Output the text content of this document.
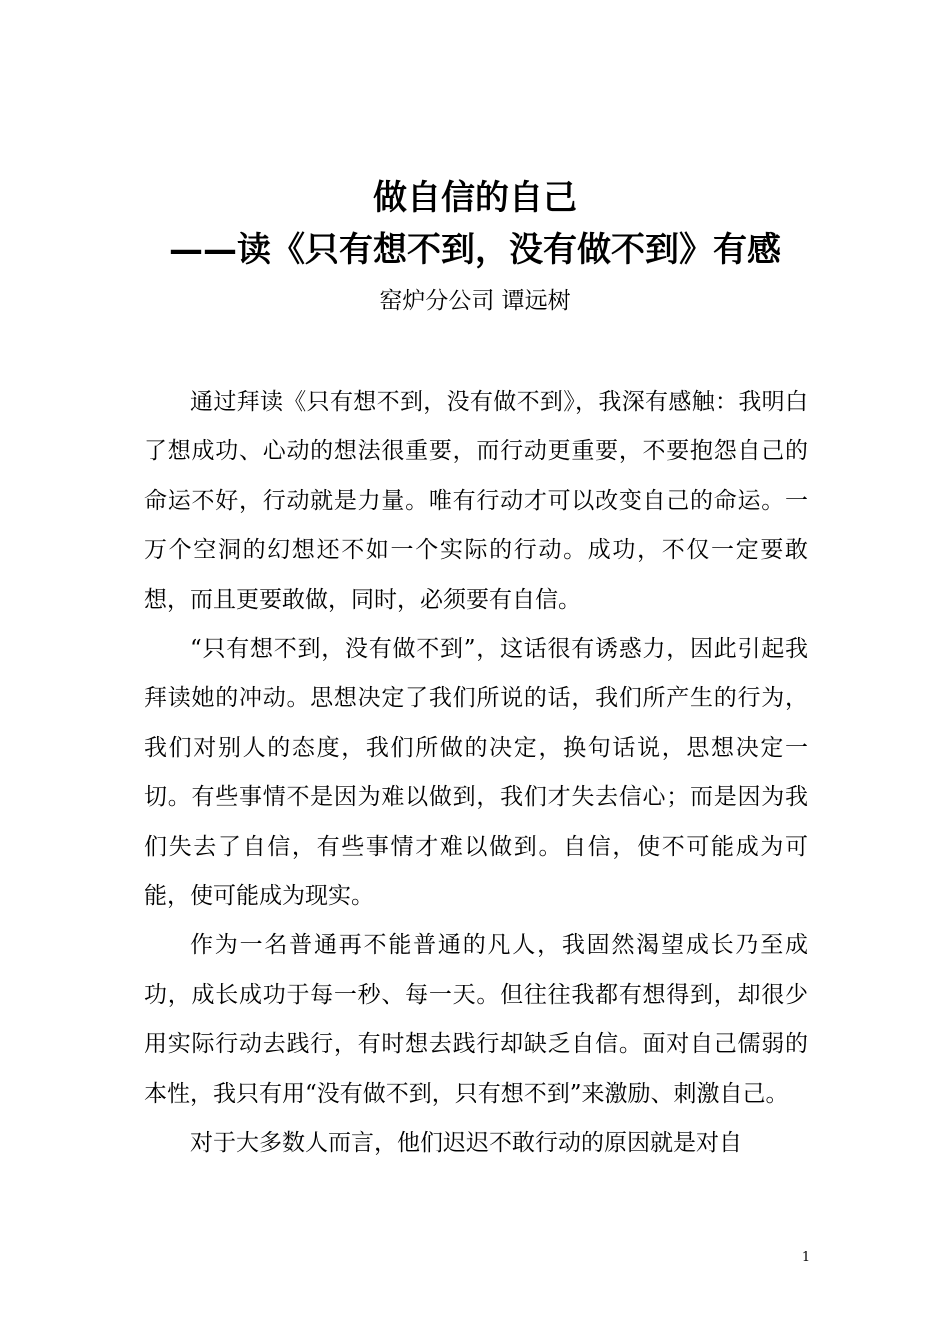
做自信的自己
——读《只有想不到，没有做不到》有感
窑炉分公司 谭远树

通过拜读《只有想不到，没有做不到》，我深有感触：我明白了想成功、心动的想法很重要，而行动更重要，不要抱怨自己的命运不好，行动就是力量。唯有行动才可以改变自己的命运。一万个空洞的幻想还不如一个实际的行动。成功，不仅一定要敢想，而且更要敢做，同时，必须要有自信。

“只有想不到，没有做不到”，这话很有诱惑力，因此引起我拜读她的冲动。思想决定了我们所说的话，我们所产生的行为，我们对别人的态度，我们所做的决定，换句话说，思想决定一切。有些事情不是因为难以做到，我们才失去信心；而是因为我们失去了自信，有些事情才难以做到。自信，使不可能成为可能，使可能成为现实。

作为一名普通再不能普通的凡人，我固然渴望成长乃至成功，成长成功于每一秒、每一天。但往往我都有想得到，却很少用实际行动去践行，有时想去践行却缺乏自信。面对自己儒弱的本性，我只有用“没有做不到，只有想不到”来激励、刺激自己。

对于大多数人而言，他们迟迟不敢行动的原因就是对自

1
